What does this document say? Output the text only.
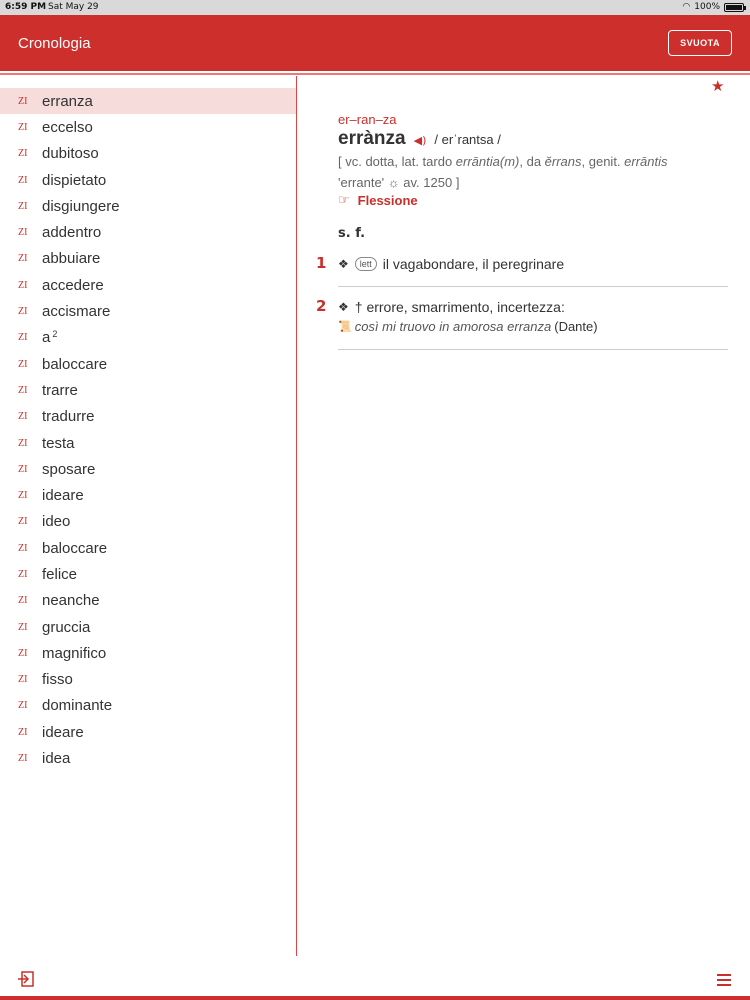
6:59 PM Sat May 29	◠ 100%
Cronologia	SVUOTA
ZI erranza
ZI eccelso
ZI dubitoso
ZI dispietato
ZI disgiungere
ZI addentro
ZI abbuiare
ZI accedere
ZI accismare
ZI a $^2$
ZI baloccare
ZI trarre
ZI tradurre
ZI testa
ZI sposare
ZI ideare
ZI ideo
ZI baloccare
ZI felice
ZI neanche
ZI gruccia
ZI magnifico
ZI fisso
ZI dominante
ZI ideare
ZI idea
★
er–ran–za
errànza ◀) / erˈrantsa /
[ vc. dotta, lat. tardo errāntia(m), da ĕrrans, genit. errāntis
'errante' ☼ av. 1250 ]
☞ Flessione
s. f.
1 ❖	lett il vagabondare, il peregrinare
2 ❖ † errore, smarrimento, incertezza:
📜 così mi truovo in amorosa erranza (Dante)
